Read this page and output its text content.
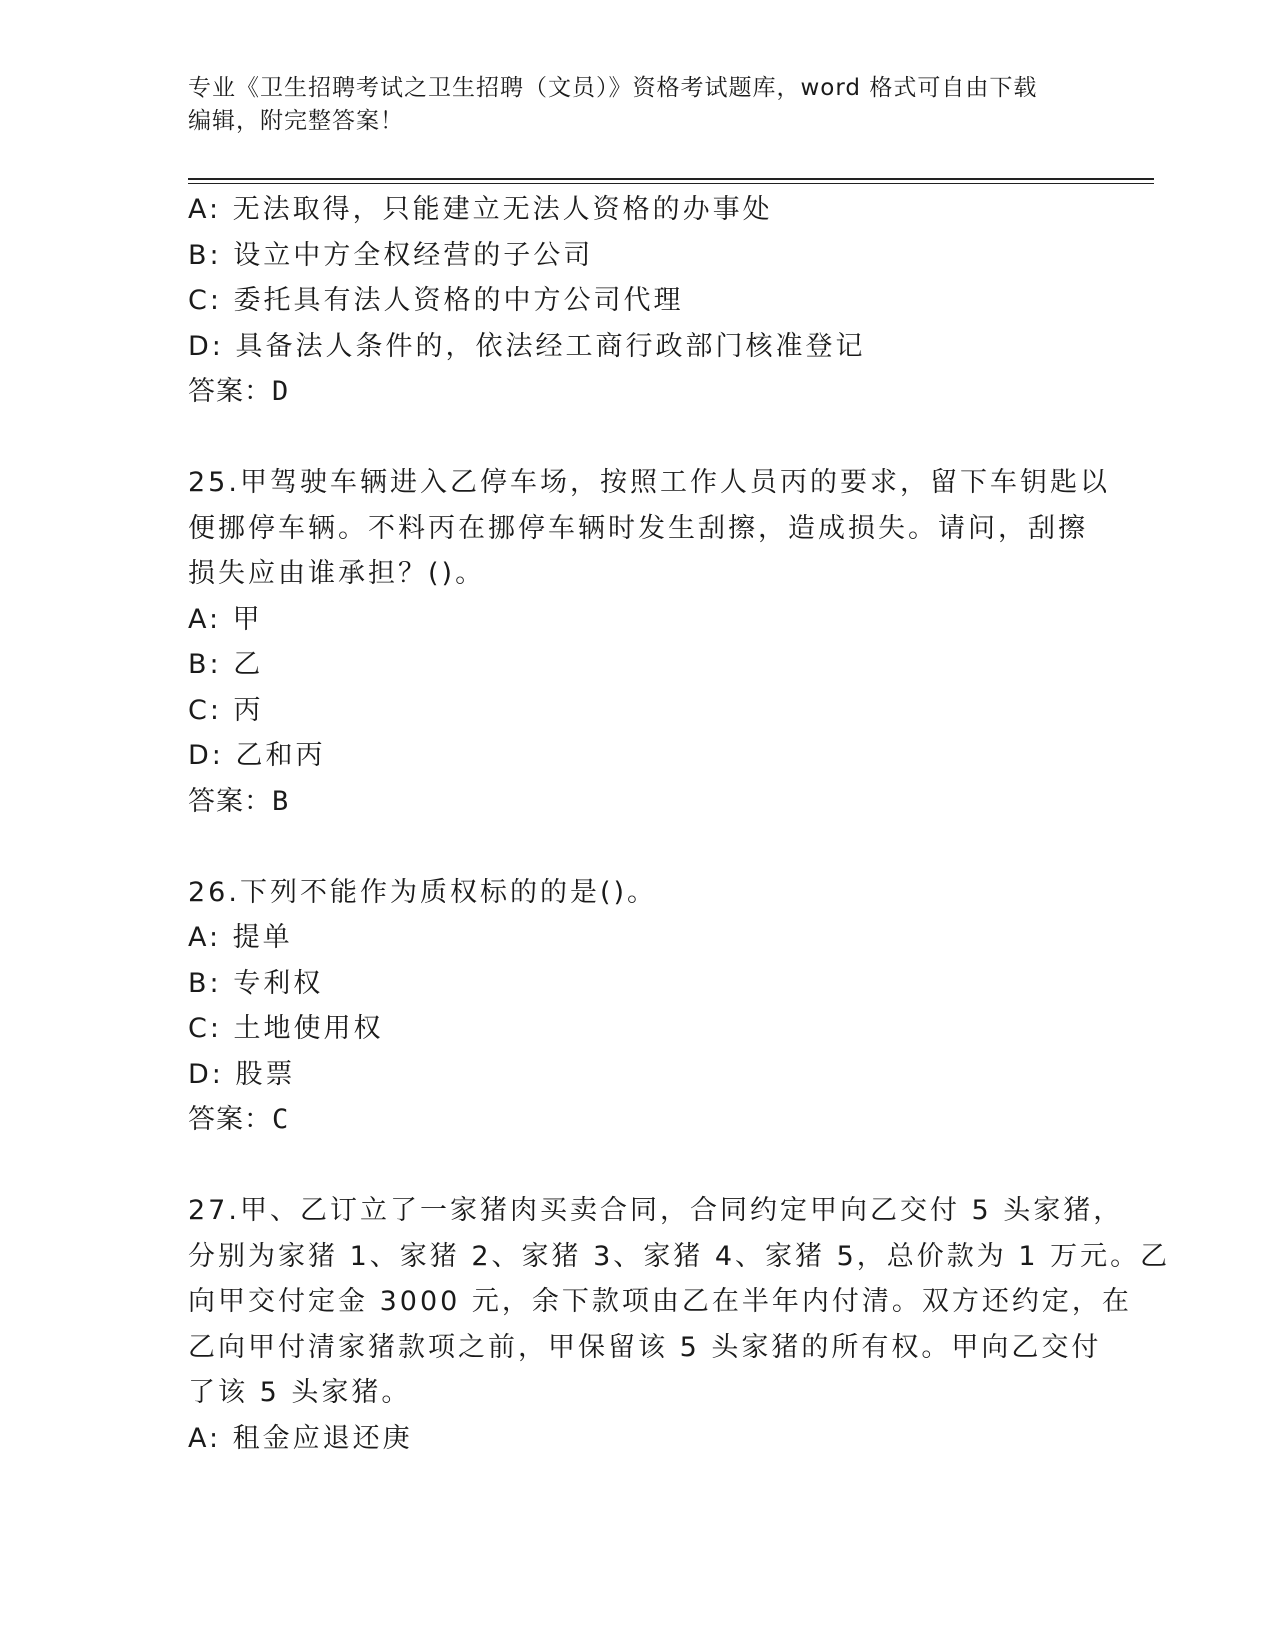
专业《卫生招聘考试之卫生招聘（文员）》资格考试题库，word 格式可自由下载
编辑，附完整答案！
A: 无法取得，只能建立无法人资格的办事处
B: 设立中方全权经营的子公司
C: 委托具有法人资格的中方公司代理
D: 具备法人条件的，依法经工商行政部门核准登记
答案：D
25.甲驾驶车辆进入乙停车场，按照工作人员丙的要求，留下车钥匙以
便挪停车辆。不料丙在挪停车辆时发生刮擦，造成损失。请问，刮擦
损失应由谁承担？()。
A: 甲
B: 乙
C: 丙
D: 乙和丙
答案：B
26.下列不能作为质权标的的是()。
A: 提单
B: 专利权
C: 土地使用权
D: 股票
答案：C
27.甲、乙订立了一家猪肉买卖合同，合同约定甲向乙交付 5 头家猪，
分别为家猪 1、家猪 2、家猪 3、家猪 4、家猪 5，总价款为 1 万元。乙
向甲交付定金 3000 元，余下款项由乙在半年内付清。双方还约定，在
乙向甲付清家猪款项之前，甲保留该 5 头家猪的所有权。甲向乙交付
了该 5 头家猪。
A: 租金应退还庚
